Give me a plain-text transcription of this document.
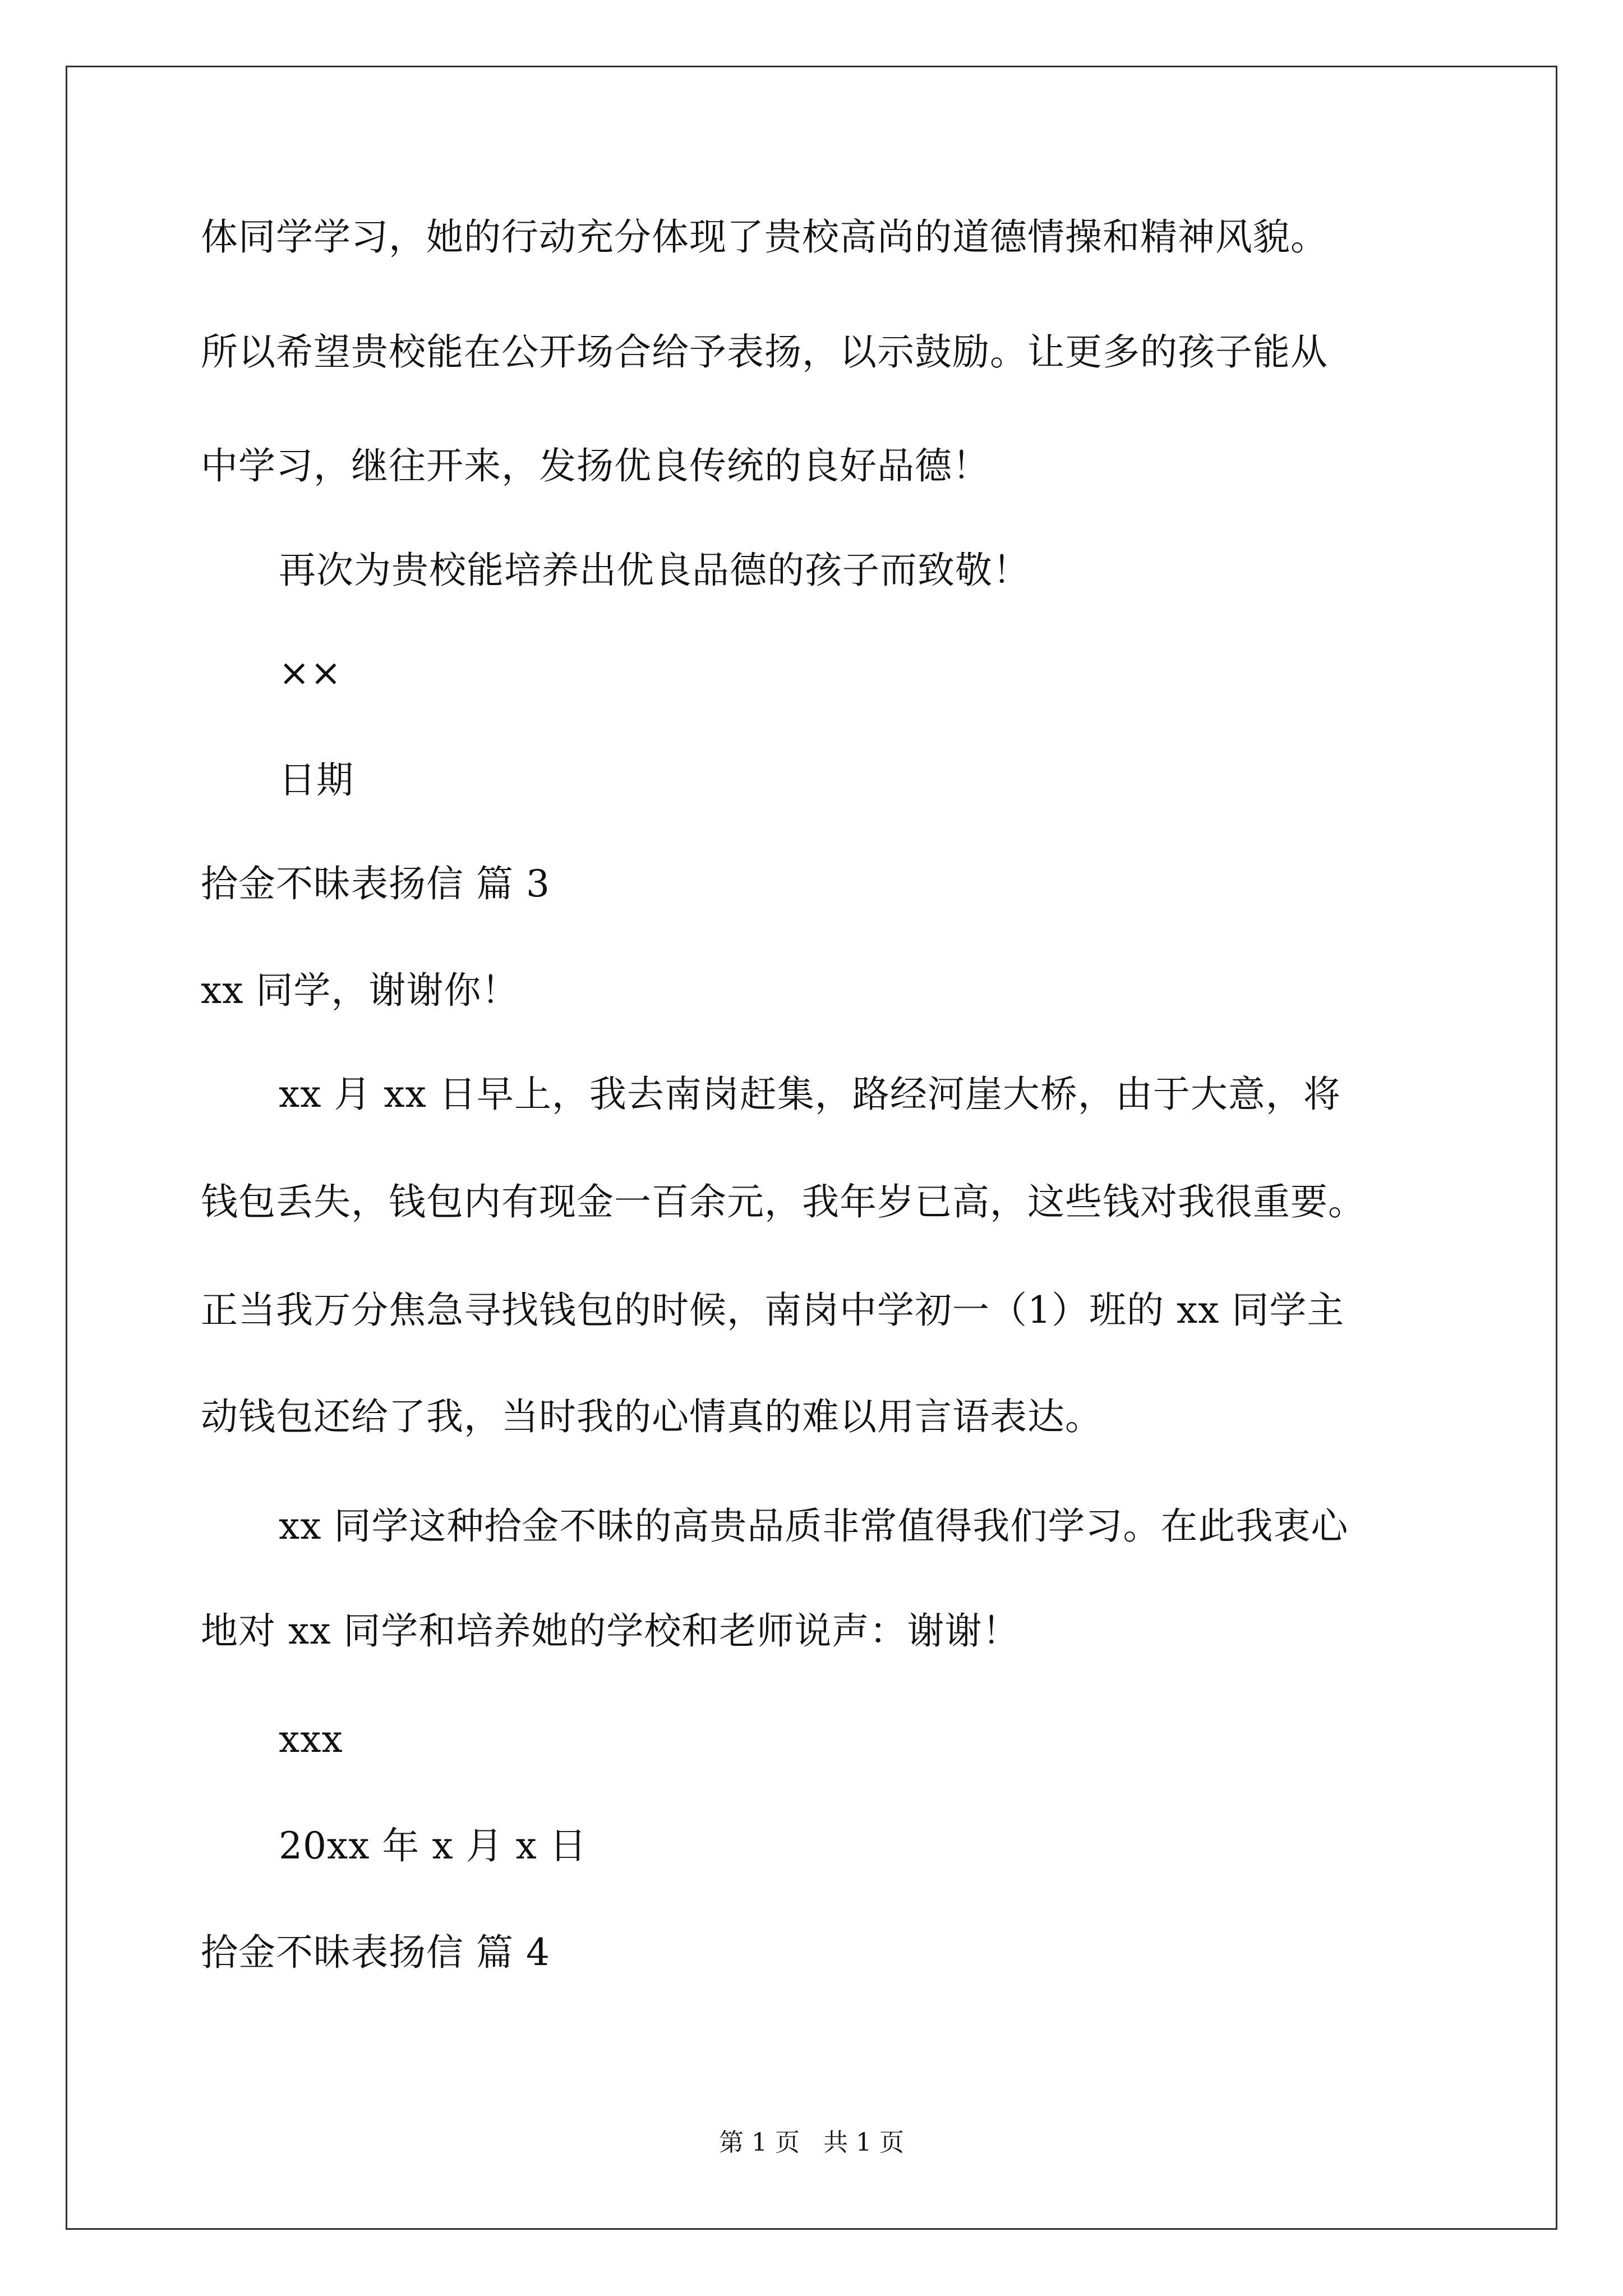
体同学学习，她的行动充分体现了贵校高尚的道德情操和精神风貌。
所以希望贵校能在公开场合给予表扬，以示鼓励。让更多的孩子能从
中学习，继往开来，发扬优良传统的良好品德！
再次为贵校能培养出优良品德的孩子而致敬！
××
日期
拾金不昧表扬信 篇 3
xx 同学，谢谢你！
xx 月 xx 日早上，我去南岗赶集，路经河崖大桥，由于大意，将
钱包丢失，钱包内有现金一百余元，我年岁已高，这些钱对我很重要。
正当我万分焦急寻找钱包的时候，南岗中学初一（1）班的 xx 同学主
动钱包还给了我，当时我的心情真的难以用言语表达。
xx 同学这种拾金不昧的高贵品质非常值得我们学习。在此我衷心
地对 xx 同学和培养她的学校和老师说声：谢谢！
xxx
20xx 年 x 月 x 日
拾金不昧表扬信 篇 4
第 1 页   共 1 页
